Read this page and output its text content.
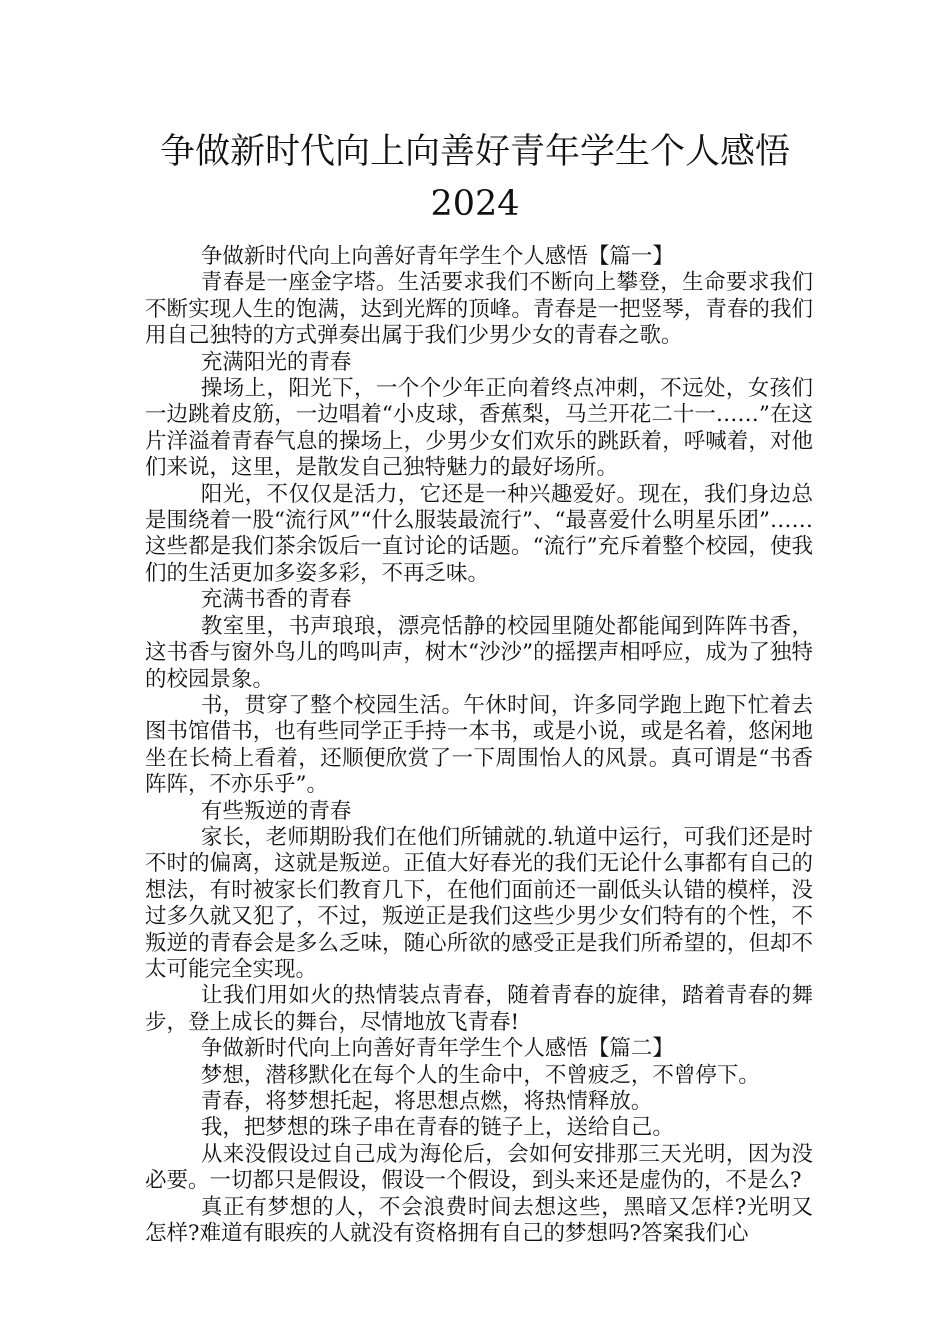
争做新时代向上向善好青年学生个人感悟
2024

争做新时代向上向善好青年学生个人感悟【篇一】

青春是一座金字塔。生活要求我们不断向上攀登，生命要求我们不断实现人生的饱满，达到光辉的顶峰。青春是一把竖琴，青春的我们用自己独特的方式弹奏出属于我们少男少女的青春之歌。

充满阳光的青春

操场上，阳光下，一个个少年正向着终点冲刺，不远处，女孩们一边跳着皮筋，一边唱着“小皮球，香蕉梨，马兰开花二十一……”在这片洋溢着青春气息的操场上，少男少女们欢乐的跳跃着，呼喊着，对他们来说，这里，是散发自己独特魅力的最好场所。

阳光，不仅仅是活力，它还是一种兴趣爱好。现在，我们身边总是围绕着一股“流行风”“什么服装最流行”、“最喜爱什么明星乐团”……这些都是我们茶余饭后一直讨论的话题。“流行”充斥着整个校园，使我们的生活更加多姿多彩，不再乏味。

充满书香的青春

教室里，书声琅琅，漂亮恬静的校园里随处都能闻到阵阵书香，这书香与窗外鸟儿的鸣叫声，树木“沙沙”的摇摆声相呼应，成为了独特的校园景象。

书，贯穿了整个校园生活。午休时间，许多同学跑上跑下忙着去图书馆借书，也有些同学正手持一本书，或是小说，或是名着，悠闲地坐在长椅上看着，还顺便欣赏了一下周围怡人的风景。真可谓是“书香阵阵，不亦乐乎”。

有些叛逆的青春

家长，老师期盼我们在他们所铺就的.轨道中运行，可我们还是时不时的偏离，这就是叛逆。正值大好春光的我们无论什么事都有自己的想法，有时被家长们教育几下，在他们面前还一副低头认错的模样，没过多久就又犯了，不过，叛逆正是我们这些少男少女们特有的个性，不叛逆的青春会是多么乏味，随心所欲的感受正是我们所希望的，但却不太可能完全实现。

让我们用如火的热情装点青春，随着青春的旋律，踏着青春的舞步，登上成长的舞台，尽情地放飞青春!

争做新时代向上向善好青年学生个人感悟【篇二】

梦想，潜移默化在每个人的生命中，不曾疲乏，不曾停下。

青春，将梦想托起，将思想点燃，将热情释放。

我，把梦想的珠子串在青春的链子上，送给自己。

从来没假设过自己成为海伦后，会如何安排那三天光明，因为没必要。一切都只是假设，假设一个假设，到头来还是虚伪的，不是么?

真正有梦想的人，不会浪费时间去想这些，黑暗又怎样?光明又怎样?难道有眼疾的人就没有资格拥有自己的梦想吗?答案我们心
